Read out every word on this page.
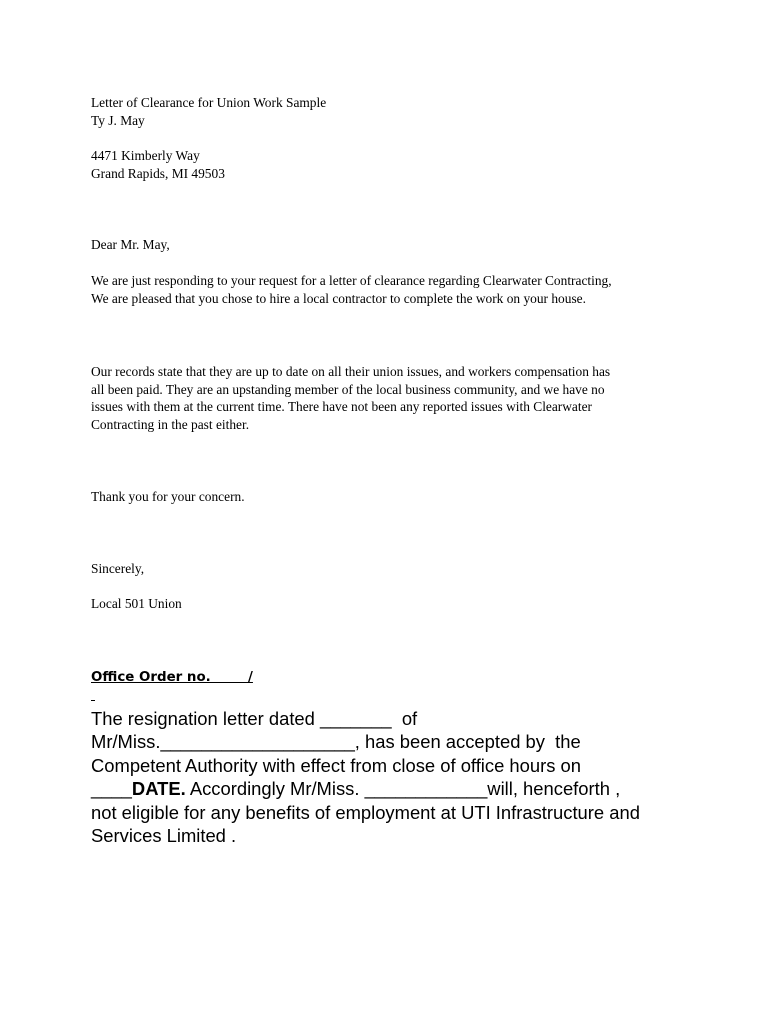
Letter of Clearance for Union Work Sample

Ty J. May

4471 Kimberly Way

Grand Rapids, MI 49503

Dear Mr. May,

We are just responding to your request for a letter of clearance regarding Clearwater Contracting,
We are pleased that you chose to hire a local contractor to complete the work on your house.
Our records state that they are up to date on all their union issues, and workers compensation has
all been paid. They are an upstanding member of the local business community, and we have no
issues with them at the current time. There have not been any reported issues with Clearwater
Contracting in the past either.

Thank you for your concern.

Sincerely,

Local 501 Union

Office Order no.        /

The resignation letter dated _______  of
Mr/Miss.___________________, has been accepted by  the
Competent Authority with effect from close of office hours on
____DATE. Accordingly Mr/Miss. ____________will, henceforth ,
not eligible for any benefits of employment at UTI Infrastructure and
Services Limited .
